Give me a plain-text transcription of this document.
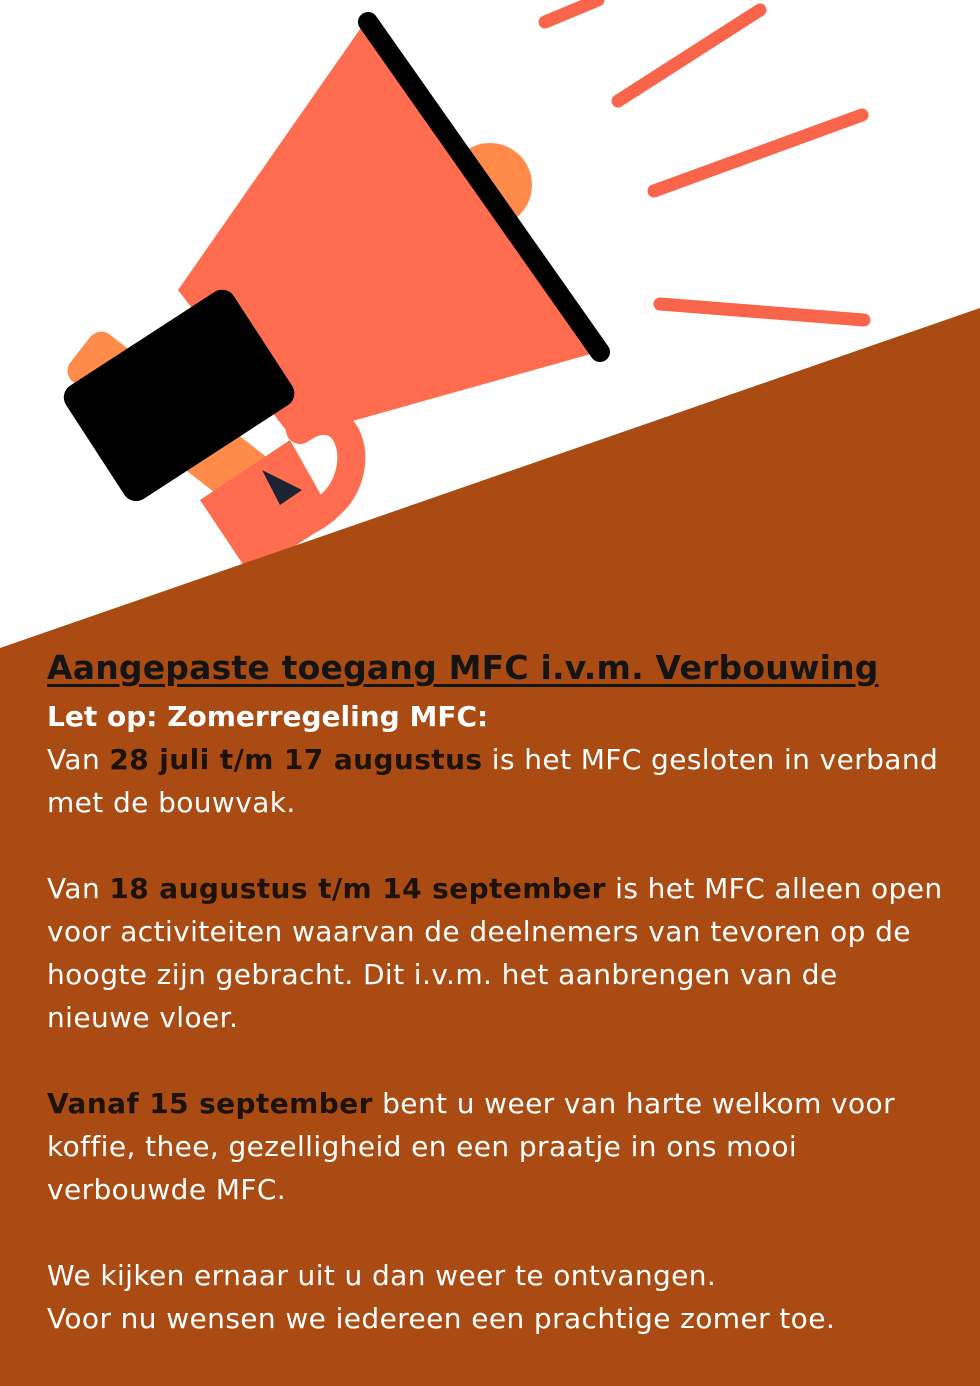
Aangepaste toegang MFC i.v.m. Verbouwing
Let op: Zomerregeling MFC:

Van 28 juli t/m 17 augustus is het MFC gesloten in verband met de bouwvak.

Van 18 augustus t/m 14 september is het MFC alleen open voor activiteiten waarvan de deelnemers van tevoren op de hoogte zijn gebracht. Dit i.v.m. het aanbrengen van de nieuwe vloer.

Vanaf 15 september bent u weer van harte welkom voor koffie, thee, gezelligheid en een praatje in ons mooi verbouwde MFC.

We kijken ernaar uit u dan weer te ontvangen.

Voor nu wensen we iedereen een prachtige zomer toe.
